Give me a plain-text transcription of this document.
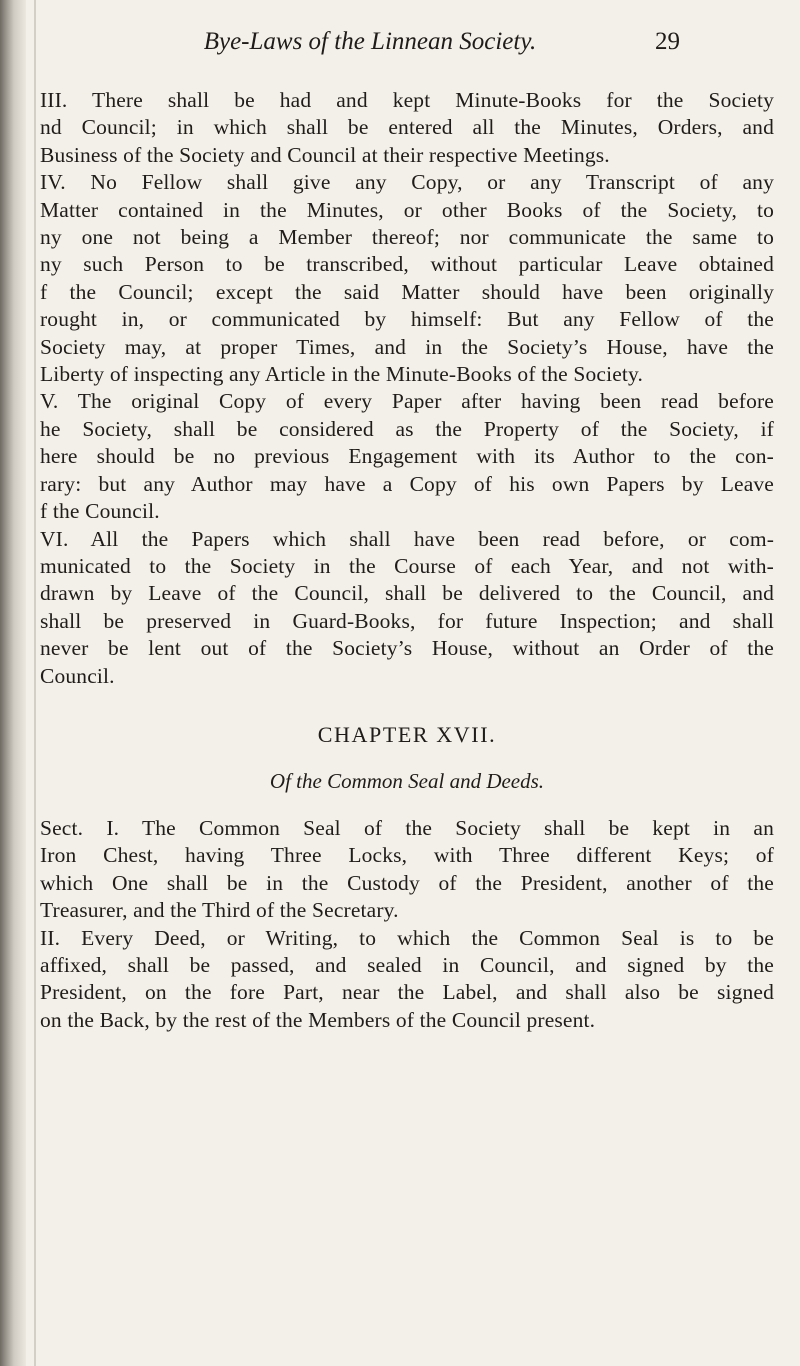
Bye-Laws of the Linnean Society.	29

III. There shall be had and kept Minute-Books for the Society
nd Council; in which shall be entered all the Minutes, Orders, and
Business of the Society and Council at their respective Meetings.

IV. No Fellow shall give any Copy, or any Transcript of any
Matter contained in the Minutes, or other Books of the Society, to
ny one not being a Member thereof; nor communicate the same to
ny such Person to be transcribed, without particular Leave obtained
f the Council; except the said Matter should have been originally
rought in, or communicated by himself: But any Fellow of the
Society may, at proper Times, and in the Society’s House, have the
Liberty of inspecting any Article in the Minute-Books of the Society.

V. The original Copy of every Paper after having been read before
he Society, shall be considered as the Property of the Society, if
here should be no previous Engagement with its Author to the con-
rary: but any Author may have a Copy of his own Papers by Leave
f the Council.

VI. All the Papers which shall have been read before, or com-
municated to the Society in the Course of each Year, and not with-
drawn by Leave of the Council, shall be delivered to the Council, and
shall be preserved in Guard-Books, for future Inspection; and shall
never be lent out of the Society’s House, without an Order of the
Council.

CHAPTER XVII.
Of the Common Seal and Deeds.

Sect. I. The Common Seal of the Society shall be kept in an
Iron Chest, having Three Locks, with Three different Keys; of
which One shall be in the Custody of the President, another of the
Treasurer, and the Third of the Secretary.

II. Every Deed, or Writing, to which the Common Seal is to be
affixed, shall be passed, and sealed in Council, and signed by the
President, on the fore Part, near the Label, and shall also be signed
on the Back, by the rest of the Members of the Council present.
